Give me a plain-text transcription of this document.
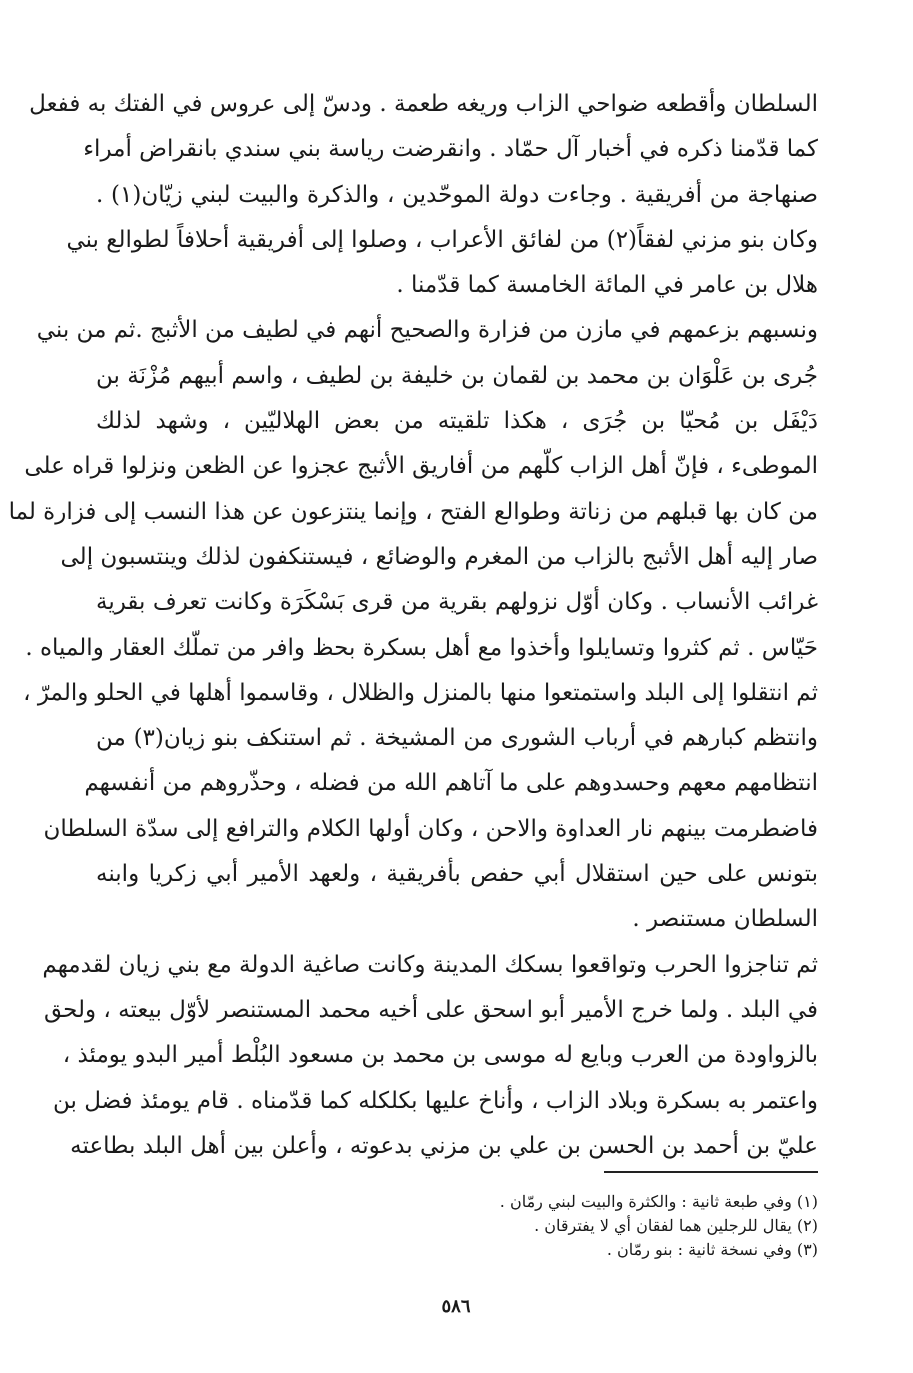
السلطان وأقطعه ضواحي الزاب وريغه طعمة . ودسّ إلى عروس في الفتك به ففعل
كما قدّمنا ذكره في أخبار آل حمّاد . وانقرضت رياسة بني سندي بانقراض أمراء
صنهاجة من أفريقية . وجاءت دولة الموحّدين ، والذكرة والبيت لبني زيّان(١) .
وكان بنو مزني لفقاً(٢) من لفائق الأعراب ، وصلوا إلى أفريقية أحلافاً لطوالع بني
هلال بن عامر في المائة الخامسة كما قدّمنا .
ونسبهم بزعمهم في مازن من فزارة والصحيح أنهم في لطيف من الأثبج .ثم من بني
جُرى بن عَلْوَان بن محمد بن لقمان بن خليفة بن لطيف ، واسم أبيهم مُزْنَة بن
دَيْفَل بن مُحيّا بن جُرَى ، هكذا تلقيته من بعض الهلاليّين ، وشهد لذلك
الموطىء ، فإنّ أهل الزاب كلّهم من أفاريق الأثبج عجزوا عن الظعن ونزلوا قراه على
من كان بها قبلهم من زناتة وطوالع الفتح ، وإنما ينتزعون عن هذا النسب إلى فزارة لما
صار إليه أهل الأثبج بالزاب من المغرم والوضائع ، فيستنكفون لذلك وينتسبون إلى
غرائب الأنساب . وكان أوّل نزولهم بقرية من قرى بَسْكَرَة وكانت تعرف بقرية
حَيّاس . ثم كثروا وتسايلوا وأخذوا مع أهل بسكرة بحظ وافر من تملّك العقار والمياه .
ثم انتقلوا إلى البلد واستمتعوا منها بالمنزل والظلال ، وقاسموا أهلها في الحلو والمرّ ،
وانتظم كبارهم في أرباب الشورى من المشيخة . ثم استنكف بنو زيان(٣) من
انتظامهم معهم وحسدوهم على ما آتاهم الله من فضله ، وحذّروهم من أنفسهم
فاضطرمت بينهم نار العداوة والاحن ، وكان أولها الكلام والترافع إلى سدّة السلطان
بتونس على حين استقلال أبي حفص بأفريقية ، ولعهد الأمير أبي زكريا وابنه
السلطان مستنصر .
ثم تناجزوا الحرب وتواقعوا بسكك المدينة وكانت صاغية الدولة مع بني زيان لقدمهم
في البلد . ولما خرج الأمير أبو اسحق على أخيه محمد المستنصر لأوّل بيعته ، ولحق
بالزواودة من العرب وبايع له موسى بن محمد بن مسعود البُلْط أمير البدو يومئذ ،
واعتمر به بسكرة وبلاد الزاب ، وأناخ عليها بكلكله كما قدّمناه . قام يومئذ فضل بن
عليّ بن أحمد بن الحسن بن علي بن مزني بدعوته ، وأعلن بين أهل البلد بطاعته
(١) وفي طبعة ثانية : والكثرة والبيت لبني رمّان .
(٢) يقال للرجلين هما لفقان أي لا يفترقان .
(٣) وفي نسخة ثانية : بنو رمّان .
٥٨٦
